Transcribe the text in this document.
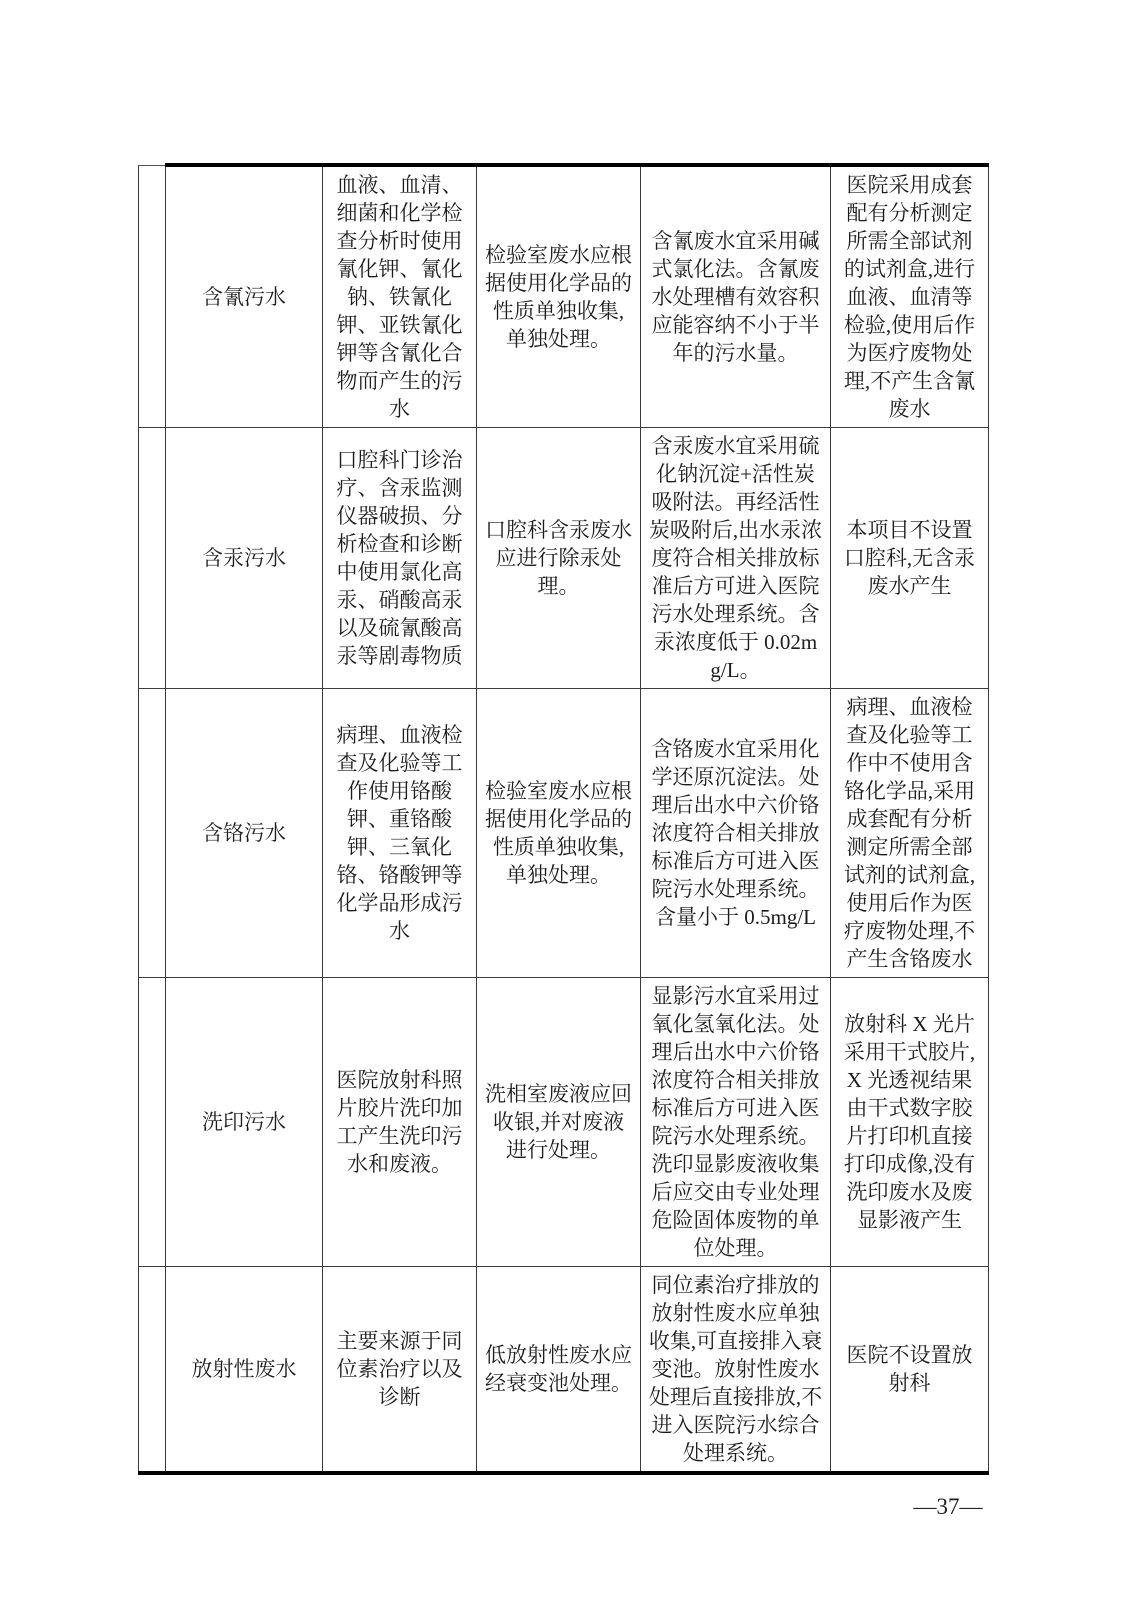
	含氰污水	血液、血清、细菌和化学检查分析时使用氰化钾、氰化钠、铁氰化钾、亚铁氰化钾等含氰化合物而产生的污水	检验室废水应根据使用化学品的性质单独收集,单独处理。	含氰废水宜采用碱式氯化法。含氰废水处理槽有效容积应能容纳不小于半年的污水量。	医院采用成套配有分析测定所需全部试剂的试剂盒,进行血液、血清等检验,使用后作为医疗废物处理,不产生含氰废水
	含汞污水	口腔科门诊治疗、含汞监测仪器破损、分析检查和诊断中使用氯化高汞、硝酸高汞以及硫氰酸高汞等剧毒物质	口腔科含汞废水应进行除汞处理。	含汞废水宜采用硫化钠沉淀+活性炭吸附法。再经活性炭吸附后,出水汞浓度符合相关排放标准后方可进入医院污水处理系统。含汞浓度低于 0.02mg/L。	本项目不设置口腔科,无含汞废水产生
	含铬污水	病理、血液检查及化验等工作使用铬酸钾、重铬酸钾、三氧化铬、铬酸钾等化学品形成污水	检验室废水应根据使用化学品的性质单独收集,单独处理。	含铬废水宜采用化学还原沉淀法。处理后出水中六价铬浓度符合相关排放标准后方可进入医院污水处理系统。含量小于 0.5mg/L	病理、血液检查及化验等工作中不使用含铬化学品,采用成套配有分析测定所需全部试剂的试剂盒,使用后作为医疗废物处理,不产生含铬废水
	洗印污水	医院放射科照片胶片洗印加工产生洗印污水和废液。	洗相室废液应回收银,并对废液进行处理。	显影污水宜采用过氧化氢氧化法。处理后出水中六价铬浓度符合相关排放标准后方可进入医院污水处理系统。洗印显影废液收集后应交由专业处理危险固体废物的单位处理。	放射科 X 光片采用干式胶片,X 光透视结果由干式数字胶片打印机直接打印成像,没有洗印废水及废显影液产生
	放射性废水	主要来源于同位素治疗以及诊断	低放射性废水应经衰变池处理。	同位素治疗排放的放射性废水应单独收集,可直接排入衰变池。放射性废水处理后直接排放,不进入医院污水综合处理系统。	医院不设置放射科
—37—
